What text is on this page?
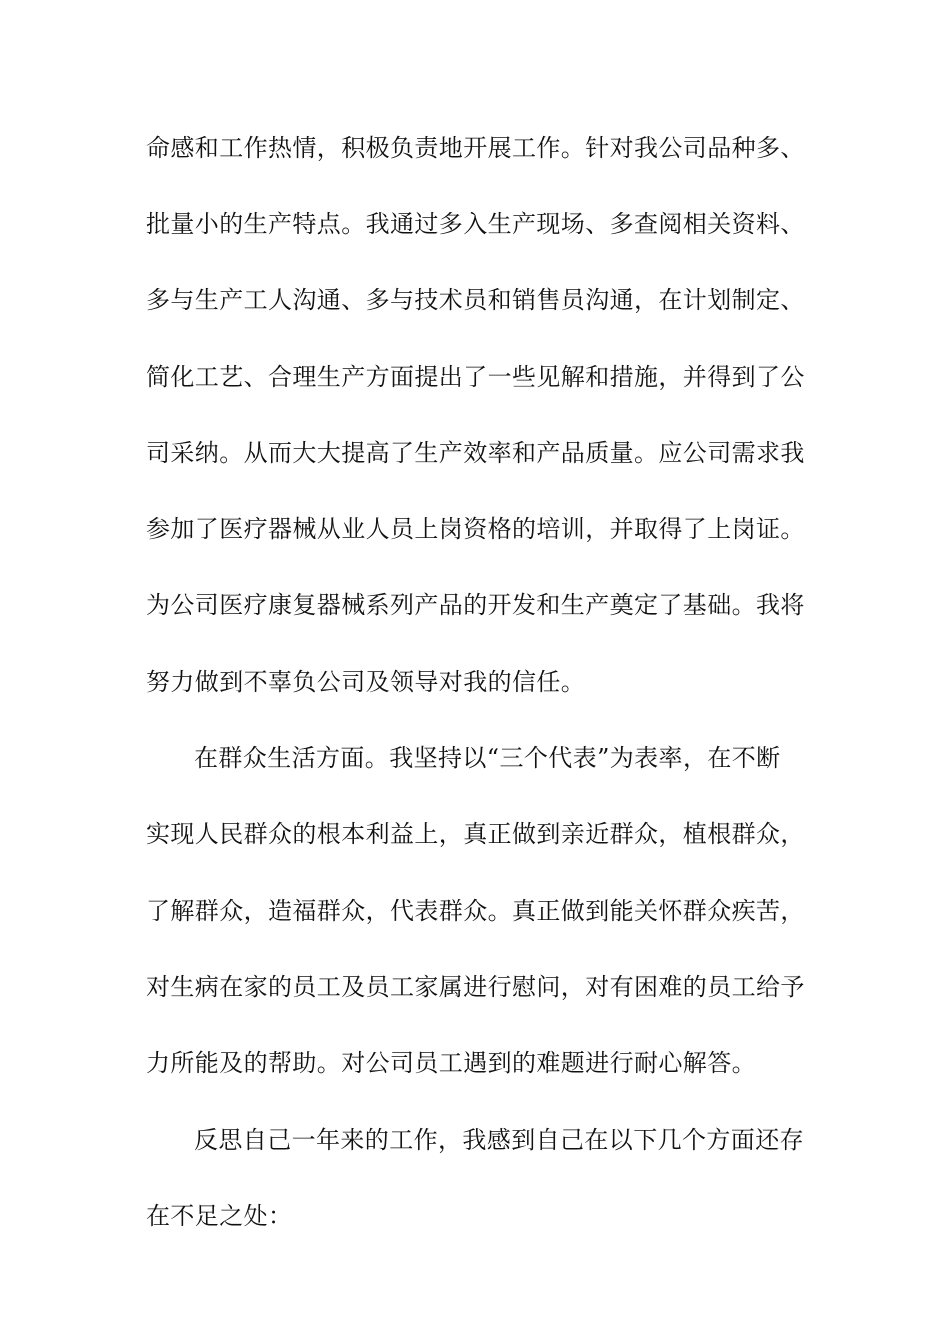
命感和工作热情，积极负责地开展工作。针对我公司品种多、
批量小的生产特点。我通过多入生产现场、多查阅相关资料、
多与生产工人沟通、多与技术员和销售员沟通，在计划制定、
简化工艺、合理生产方面提出了一些见解和措施，并得到了公
司采纳。从而大大提高了生产效率和产品质量。应公司需求我
参加了医疗器械从业人员上岗资格的培训，并取得了上岗证。
为公司医疗康复器械系列产品的开发和生产奠定了基础。我将
努力做到不辜负公司及领导对我的信任。
在群众生活方面。我坚持以“三个代表”为表率，在不断
实现人民群众的根本利益上，真正做到亲近群众，植根群众，
了解群众，造福群众，代表群众。真正做到能关怀群众疾苦，
对生病在家的员工及员工家属进行慰问，对有困难的员工给予
力所能及的帮助。对公司员工遇到的难题进行耐心解答。
反思自己一年来的工作，我感到自己在以下几个方面还存
在不足之处：
